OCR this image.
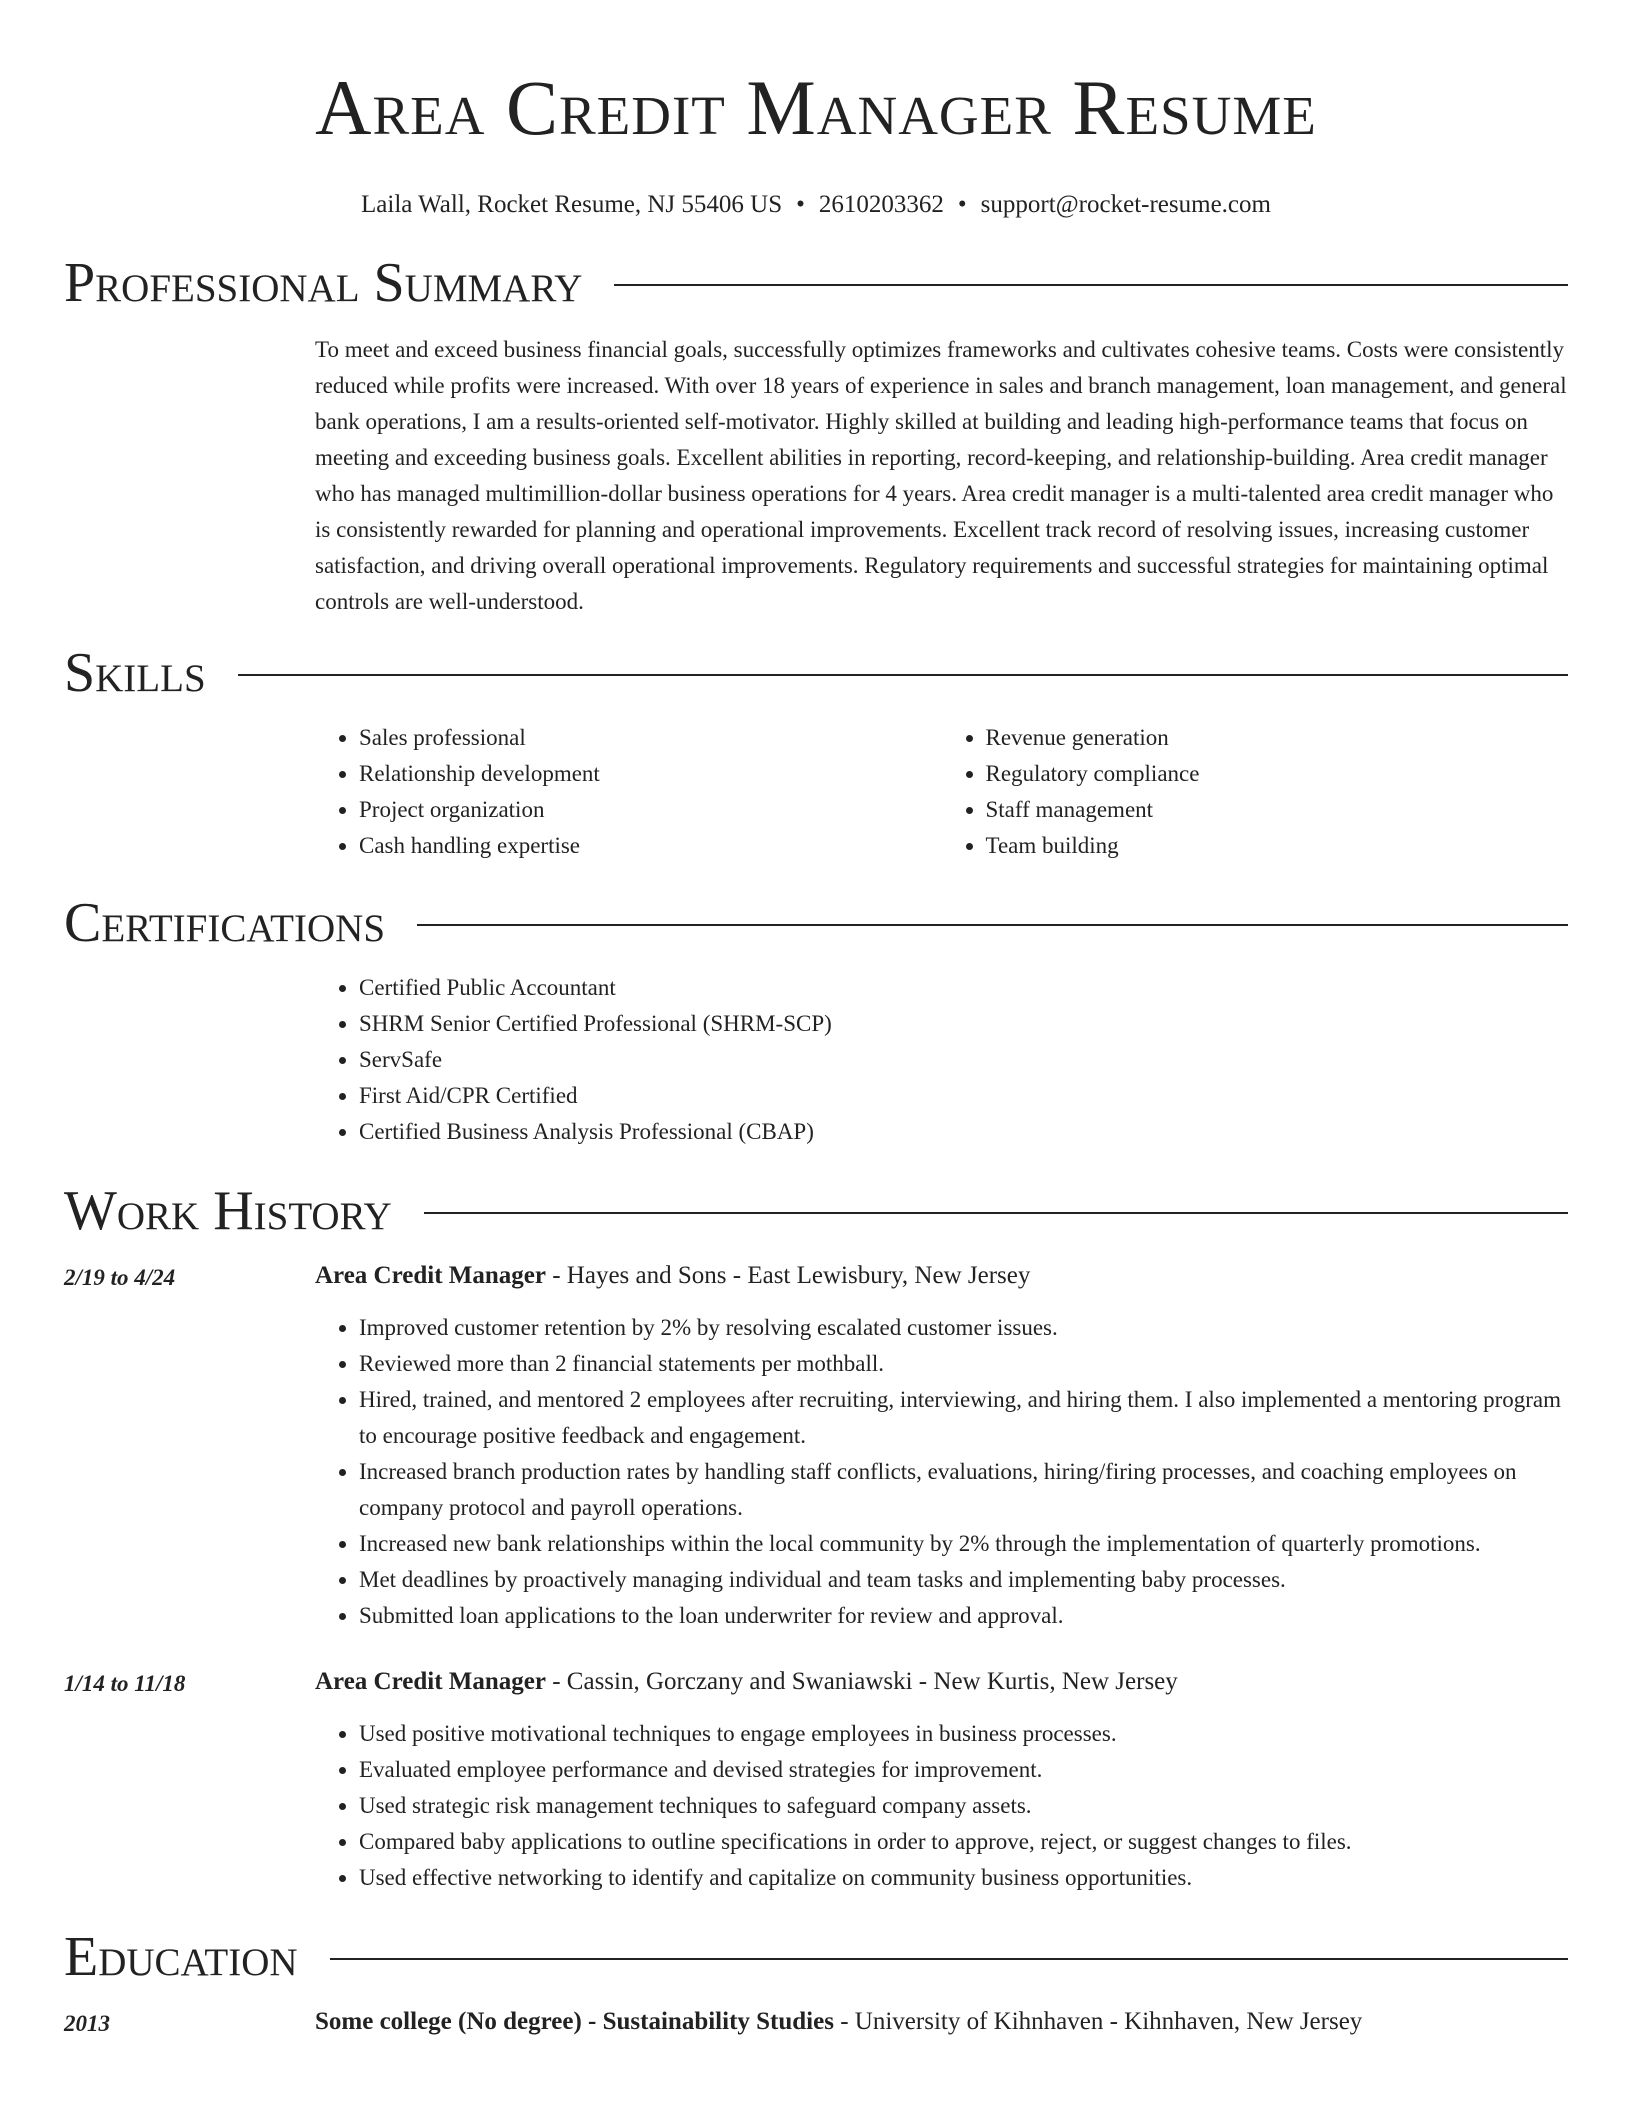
Area Credit Manager Resume
Laila Wall, Rocket Resume, NJ 55406 US • 2610203362 • support@rocket-resume.com
Professional Summary

To meet and exceed business financial goals, successfully optimizes frameworks and cultivates cohesive teams. Costs were consistently reduced while profits were increased. With over 18 years of experience in sales and branch management, loan management, and general bank operations, I am a results-oriented self-motivator. Highly skilled at building and leading high-performance teams that focus on meeting and exceeding business goals. Excellent abilities in reporting, record-keeping, and relationship-building. Area credit manager who has managed multimillion-dollar business operations for 4 years. Area credit manager is a multi-talented area credit manager who is consistently rewarded for planning and operational improvements. Excellent track record of resolving issues, increasing customer satisfaction, and driving overall operational improvements. Regulatory requirements and successful strategies for maintaining optimal controls are well-understood.

Skills
• Sales professional
• Relationship development
• Project organization
• Cash handling expertise
• Revenue generation
• Regulatory compliance
• Staff management
• Team building
Certifications
• Certified Public Accountant
• SHRM Senior Certified Professional (SHRM-SCP)
• ServSafe
• First Aid/CPR Certified
• Certified Business Analysis Professional (CBAP)
Work History
2/19 to 4/24	Area Credit Manager - Hayes and Sons - East Lewisbury, New Jersey
• Improved customer retention by 2% by resolving escalated customer issues.
• Reviewed more than 2 financial statements per mothball.
• Hired, trained, and mentored 2 employees after recruiting, interviewing, and hiring them. I also implemented a mentoring program to encourage positive feedback and engagement.
• Increased branch production rates by handling staff conflicts, evaluations, hiring/firing processes, and coaching employees on company protocol and payroll operations.
• Increased new bank relationships within the local community by 2% through the implementation of quarterly promotions.
• Met deadlines by proactively managing individual and team tasks and implementing baby processes.
• Submitted loan applications to the loan underwriter for review and approval.
1/14 to 11/18	Area Credit Manager - Cassin, Gorczany and Swaniawski - New Kurtis, New Jersey
• Used positive motivational techniques to engage employees in business processes.
• Evaluated employee performance and devised strategies for improvement.
• Used strategic risk management techniques to safeguard company assets.
• Compared baby applications to outline specifications in order to approve, reject, or suggest changes to files.
• Used effective networking to identify and capitalize on community business opportunities.
Education
2013	Some college (No degree) - Sustainability Studies - University of Kihnhaven - Kihnhaven, New Jersey
